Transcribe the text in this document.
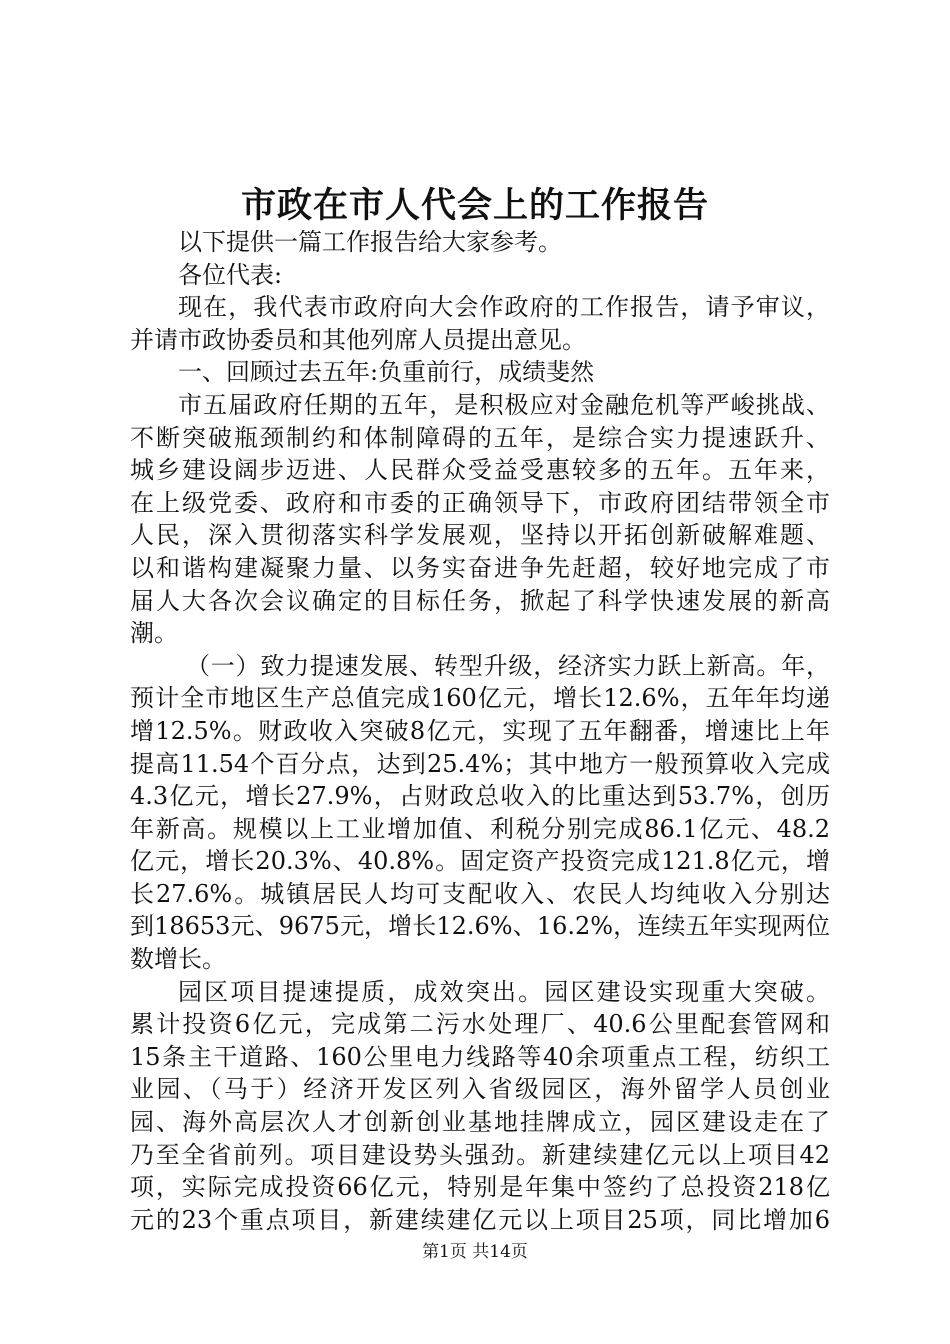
市政在市人代会上的工作报告
以下提供一篇工作报告给大家参考。
各位代表:
现在，我代表市政府向大会作政府的工作报告，请予审议，
并请市政协委员和其他列席人员提出意见。
一、回顾过去五年:负重前行，成绩斐然
市五届政府任期的五年，是积极应对金融危机等严峻挑战、
不断突破瓶颈制约和体制障碍的五年，是综合实力提速跃升、
城乡建设阔步迈进、人民群众受益受惠较多的五年。五年来，
在上级党委、政府和市委的正确领导下，市政府团结带领全市
人民，深入贯彻落实科学发展观，坚持以开拓创新破解难题、
以和谐构建凝聚力量、以务实奋进争先赶超，较好地完成了市
届人大各次会议确定的目标任务，掀起了科学快速发展的新高
潮。
（一）致力提速发展、转型升级，经济实力跃上新高。年，
预计全市地区生产总值完成160亿元，增长12.6%，五年年均递
增12.5%。财政收入突破8亿元，实现了五年翻番，增速比上年
提高11.54个百分点，达到25.4%；其中地方一般预算收入完成
4.3亿元，增长27.9%，占财政总收入的比重达到53.7%，创历
年新高。规模以上工业增加值、利税分别完成86.1亿元、48.2
亿元，增长20.3%、40.8%。固定资产投资完成121.8亿元，增
长27.6%。城镇居民人均可支配收入、农民人均纯收入分别达
到18653元、9675元，增长12.6%、16.2%，连续五年实现两位
数增长。
园区项目提速提质，成效突出。园区建设实现重大突破。
累计投资6亿元，完成第二污水处理厂、40.6公里配套管网和
15条主干道路、160公里电力线路等40余项重点工程，纺织工
业园、（马于）经济开发区列入省级园区，海外留学人员创业
园、海外高层次人才创新创业基地挂牌成立，园区建设走在了
乃至全省前列。项目建设势头强劲。新建续建亿元以上项目42
项，实际完成投资66亿元，特别是年集中签约了总投资218亿
元的23个重点项目，新建续建亿元以上项目25项，同比增加6
第1页 共14页
